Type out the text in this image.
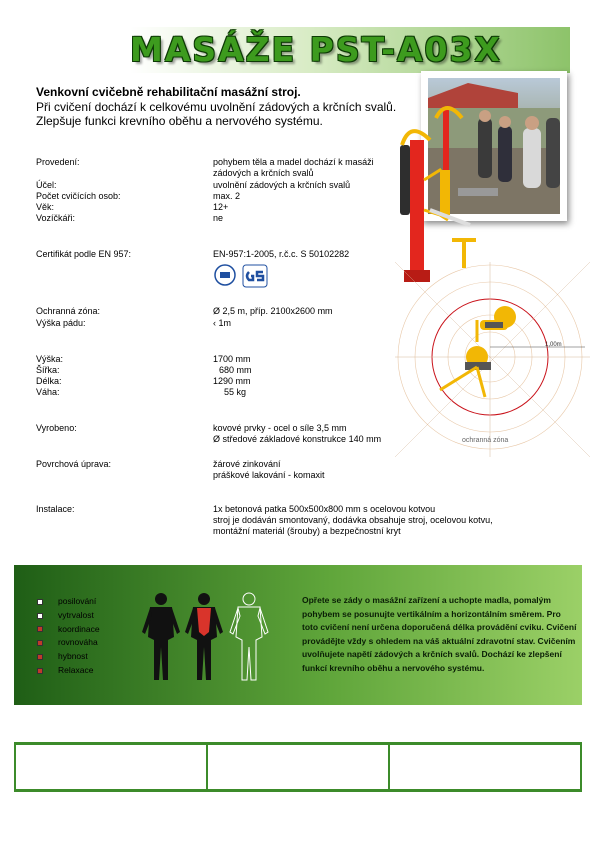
MASÁŽE PST-A03X
Venkovní cvičebně rehabilitační masážní stroj.
Při cvičení dochází k celkovému uvolnění zádových a krčních svalů.
Zlepšuje funkci krevního oběhu a nervového systému.
1,00m
ochranná zóna
Provedení:	pohybem těla a madel dochází k masáži
zádových a krčních svalů
Účel:	uvolnění zádových a krčních svalů
Počet cvičících osob:	max. 2
Věk:	12+
Vozíčkáři:	ne
Certifikát podle EN 957:	EN-957:1-2005, r.č.c. S 50102282
Ochranná zóna:	Ø 2,5 m, příp. 2100x2600 mm
Výška pádu:	‹ 1m
Výška:	1700 mm
Šířka:	680 mm
Délka:	1290 mm
Váha:	55 kg
Vyrobeno:	kovové prvky - ocel o síle 3,5 mm
Ø středové základové konstrukce 140 mm
Povrchová úprava:	žárové zinkování
práškové lakování - komaxit
Instalace:	1x betonová patka 500x500x800 mm s ocelovou kotvou
stroj je dodáván smontovaný, dodávka obsahuje stroj, ocelovou kotvu,
montážní materiál (šrouby) a bezpečnostní kryt
posilování
vytrvalost
koordinace
rovnováha
hybnost
Relaxace
Opřete se zády o masážní zařízení a uchopte madla, pomalým pohybem se posunujte vertikálním a horizontálním směrem. Pro toto cvičení není určena doporučená délka provádění cviku. Cvičení provádějte vždy s ohledem na váš aktuální zdravotní stav. Cvičením uvolňujete napětí zádových a krčních svalů. Dochází ke zlepšení funkcí krevního oběhu a nervového systému.
